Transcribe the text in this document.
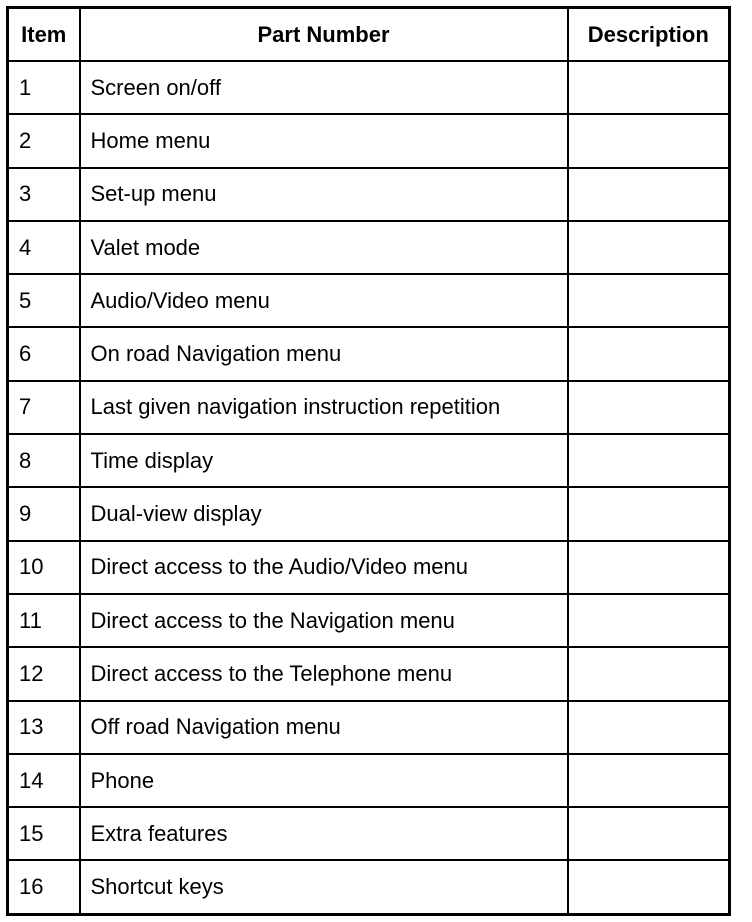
Item	Part Number	Description
1	Screen on/off	
2	Home menu	
3	Set-up menu	
4	Valet mode	
5	Audio/Video menu	
6	On road Navigation menu	
7	Last given navigation instruction repetition	
8	Time display	
9	Dual-view display	
10	Direct access to the Audio/Video menu	
11	Direct access to the Navigation menu	
12	Direct access to the Telephone menu	
13	Off road Navigation menu	
14	Phone	
15	Extra features	
16	Shortcut keys	
